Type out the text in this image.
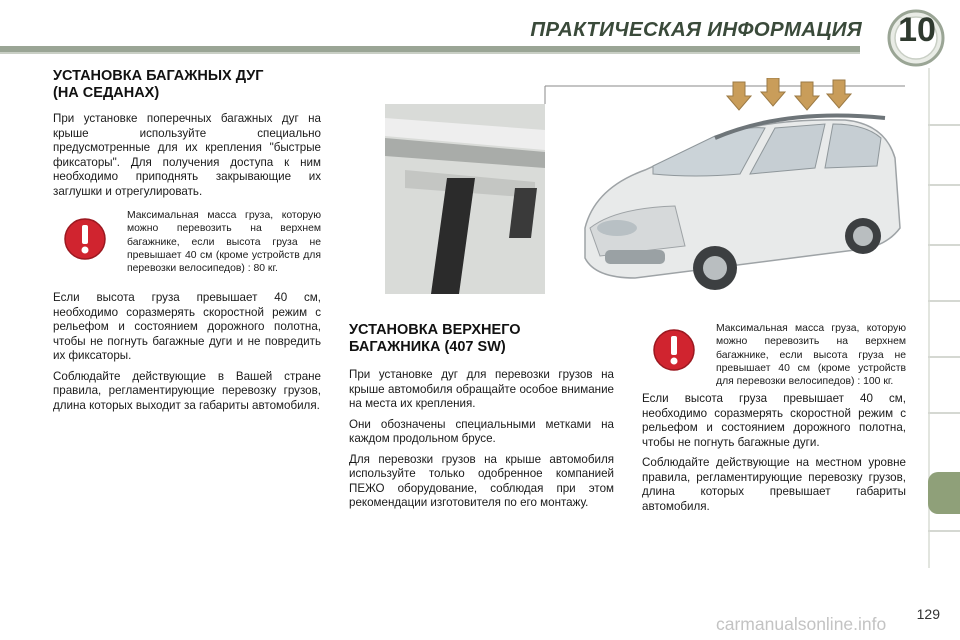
ПРАКТИЧЕСКАЯ ИНФОРМАЦИЯ 10

УСТАНОВКА БАГАЖНЫХ ДУГ

(НА СЕДАНАХ)

При установке поперечных багажных дуг на крыше используйте специально предусмотренные для их крепления "быстрые фиксаторы". Для получения доступа к ним необходимо приподнять закрывающие их заглушки и отрегулировать.

Максимальная масса груза, которую можно перевозить на верхнем багажнике, если высота груза не превышает 40 см (кроме устройств для перевозки велосипедов) : 80 кг.

Если высота груза превышает 40 см, необходимо соразмерять скоростной режим с рельефом и состоянием дорожного полотна, чтобы не погнуть багажные дуги и не повредить их фиксаторы.

Соблюдайте действующие в Вашей стране правила, регламентирующие перевозку грузов, длина которых выходит за габариты автомобиля.

УСТАНОВКА ВЕРХНЕГО

БАГАЖНИКА (407 SW)

При установке дуг для перевозки грузов на крыше автомобиля обращайте особое внимание на места их крепления.

Они обозначены специальными метками на каждом продольном брусе.

Для перевозки грузов на крыше автомобиля используйте только одобренное компанией ПЕЖО оборудование, соблюдая при этом рекомендации изготовителя по его монтажу.

Максимальная масса груза, которую можно перевозить на верхнем багажнике, если высота груза не превышает 40 см (кроме устройств для перевозки велосипедов) : 100 кг.

Если высота груза превышает 40 см, необходимо соразмерять скоростной режим с рельефом и состоянием дорожного полотна, чтобы не погнуть багажные дуги.

Соблюдайте действующие на местном уровне правила, регламентирующие перевозку грузов, длина которых превышает габариты автомобиля.

carmanualsonline.info	129
